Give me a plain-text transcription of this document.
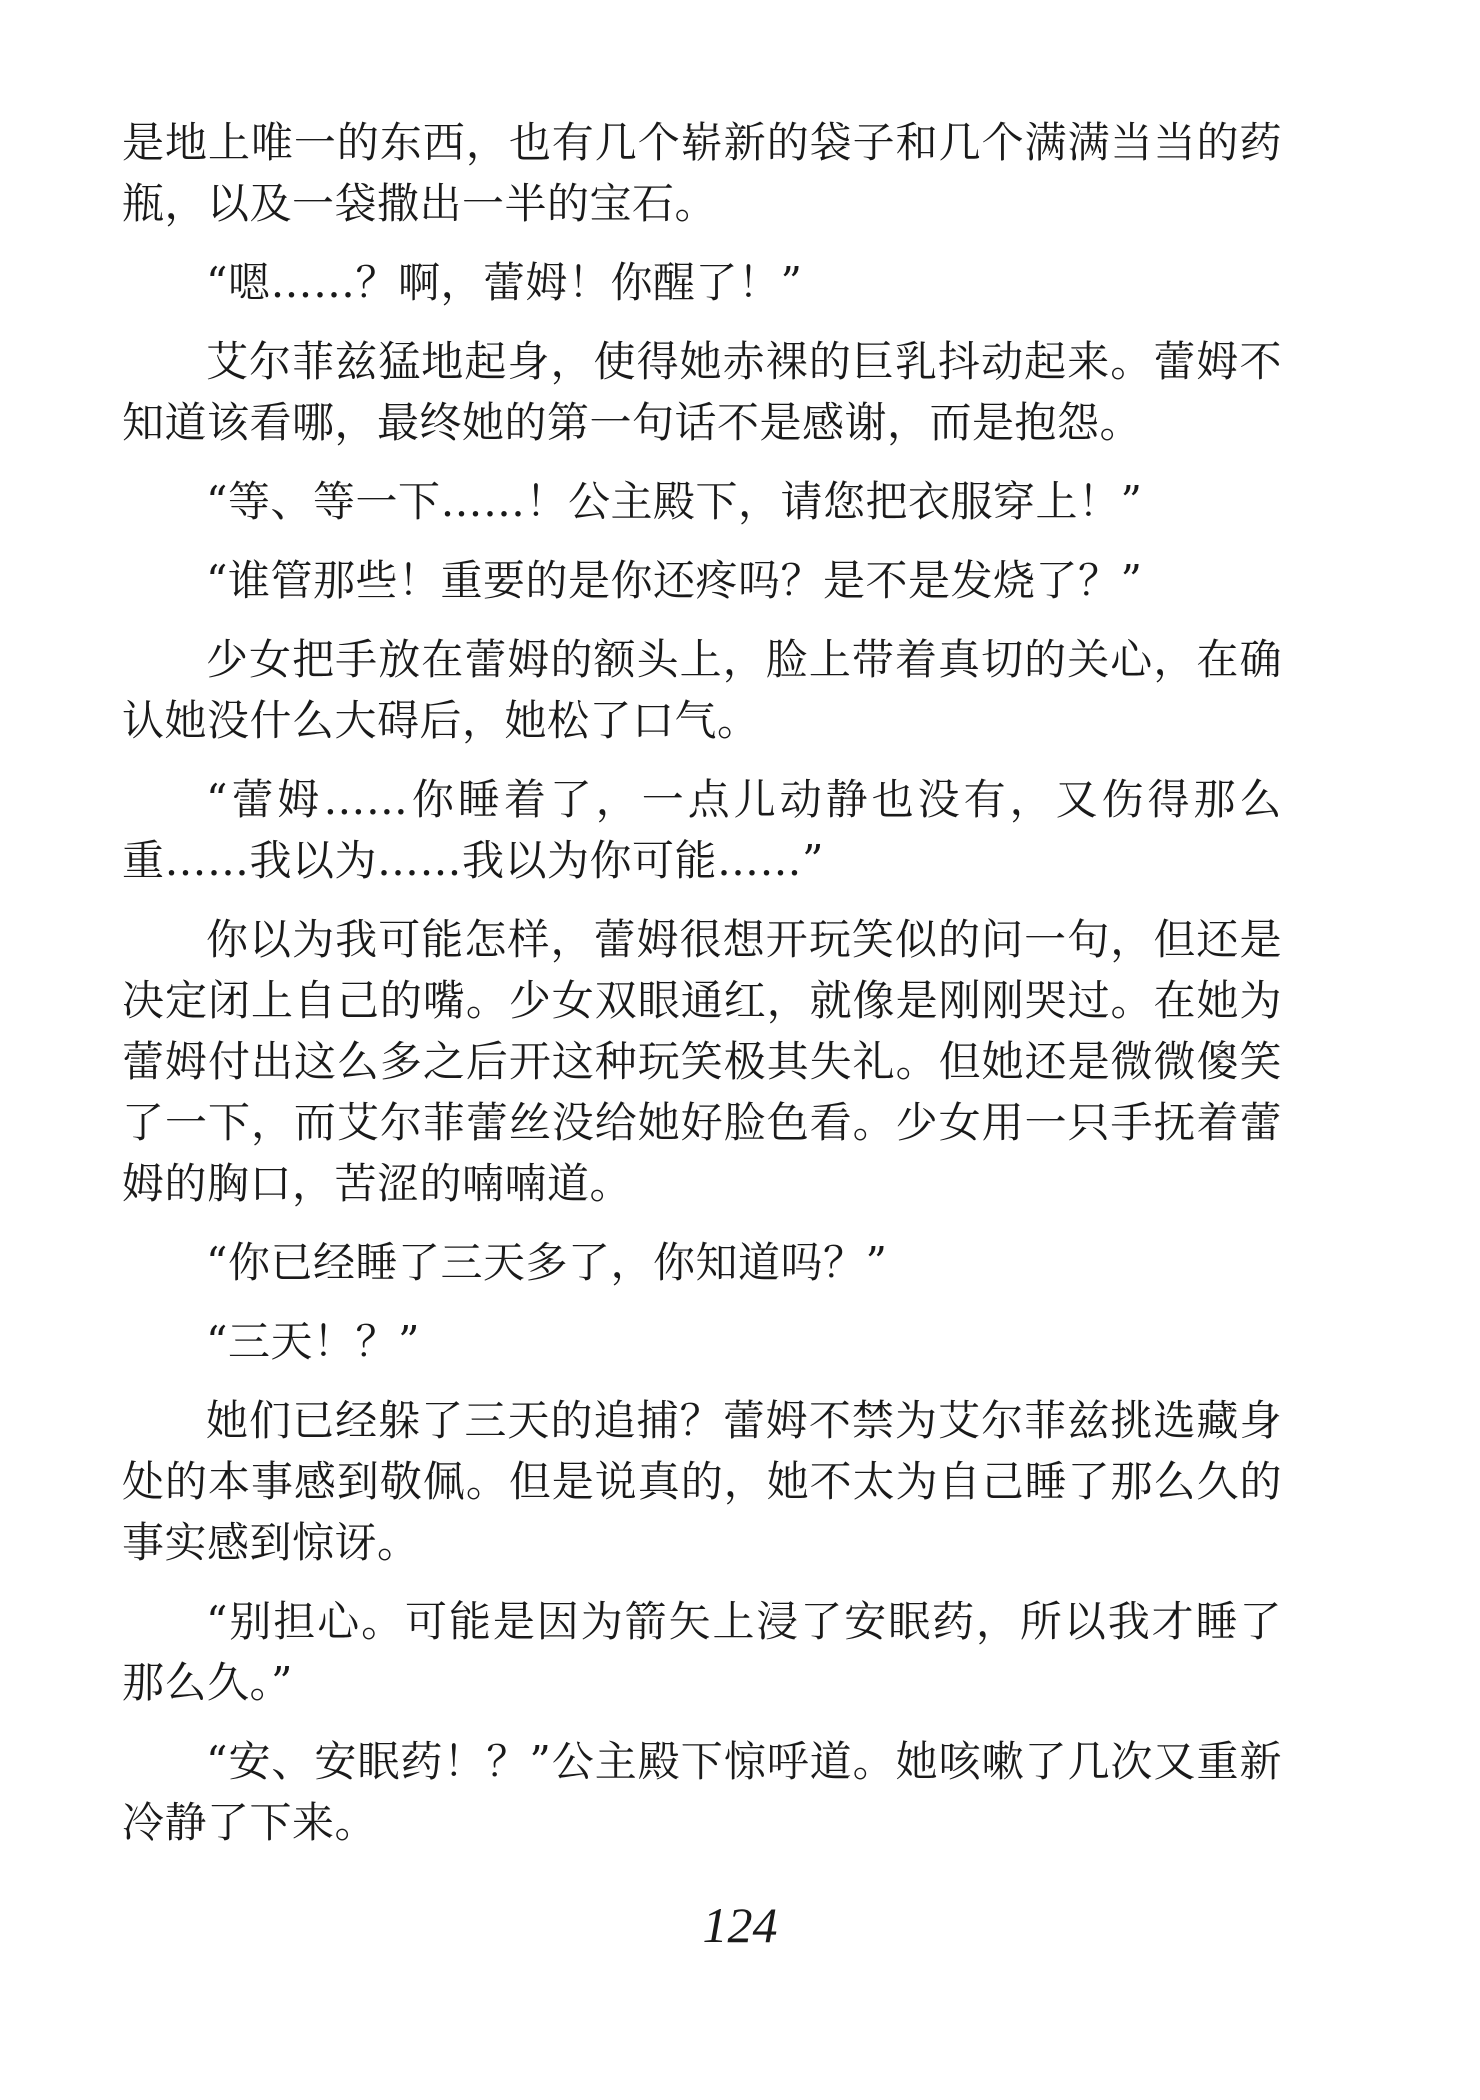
是地上唯一的东西，也有几个崭新的袋子和几个满满当当的药瓶，以及一袋撒出一半的宝石。

“嗯……？啊，蕾姆！你醒了！”

艾尔菲兹猛地起身，使得她赤裸的巨乳抖动起来。蕾姆不知道该看哪，最终她的第一句话不是感谢，而是抱怨。

“等、等一下……！公主殿下，请您把衣服穿上！”

“谁管那些！重要的是你还疼吗？是不是发烧了？”

少女把手放在蕾姆的额头上，脸上带着真切的关心，在确认她没什么大碍后，她松了口气。

“蕾姆……你睡着了，一点儿动静也没有，又伤得那么重……我以为……我以为你可能……”

你以为我可能怎样，蕾姆很想开玩笑似的问一句，但还是决定闭上自己的嘴。少女双眼通红，就像是刚刚哭过。在她为蕾姆付出这么多之后开这种玩笑极其失礼。但她还是微微傻笑了一下，而艾尔菲蕾丝没给她好脸色看。少女用一只手抚着蕾姆的胸口，苦涩的喃喃道。

“你已经睡了三天多了，你知道吗？”

“三天！？”

她们已经躲了三天的追捕？蕾姆不禁为艾尔菲兹挑选藏身处的本事感到敬佩。但是说真的，她不太为自己睡了那么久的事实感到惊讶。

“别担心。可能是因为箭矢上浸了安眠药，所以我才睡了那么久。”

“安、安眠药！？”公主殿下惊呼道。她咳嗽了几次又重新冷静了下来。

124
